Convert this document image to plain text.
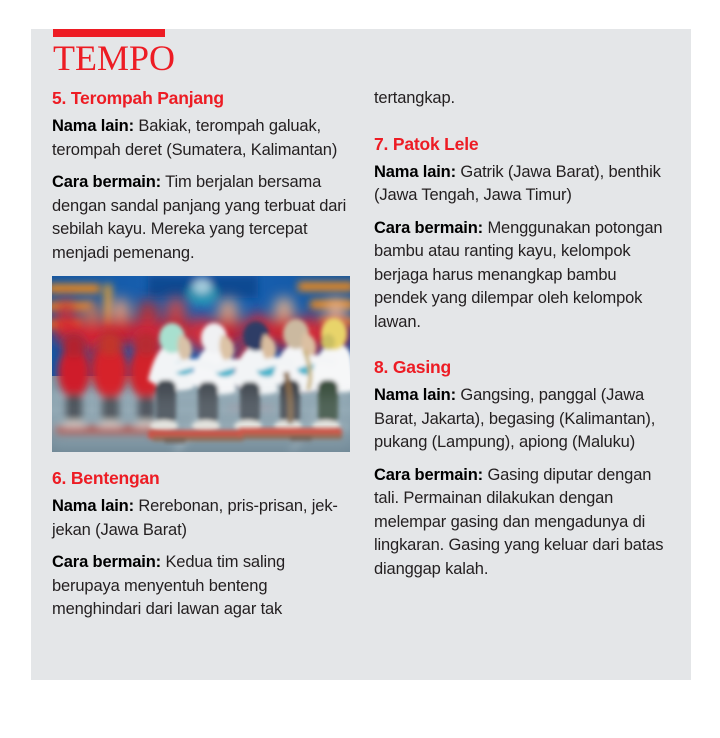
TEMPO
5. Terompah Panjang

Nama lain: Bakiak, terompah galuak, terompah deret (Sumatera, Kalimantan)

Cara bermain: Tim berjalan bersama dengan sandal panjang yang terbuat dari sebilah kayu. Mereka yang tercepat menjadi pemenang.

6. Bentengan

Nama lain: Rerebonan, pris-prisan, jek-jekan (Jawa Barat)

Cara bermain: Kedua tim saling berupaya menyentuh benteng menghindari dari lawan agar tak

tertangkap.

7. Patok Lele

Nama lain: Gatrik (Jawa Barat), benthik (Jawa Tengah, Jawa Timur)

Cara bermain: Menggunakan potongan bambu atau ranting kayu, kelompok berjaga harus menangkap bambu pendek yang dilempar oleh kelompok lawan.

8. Gasing

Nama lain: Gangsing, panggal (Jawa Barat, Jakarta), begasing (Kalimantan), pukang (Lampung), apiong (Maluku)

Cara bermain: Gasing diputar dengan tali. Permainan dilakukan dengan melempar gasing dan mengadunya di lingkaran. Gasing yang keluar dari batas dianggap kalah.
